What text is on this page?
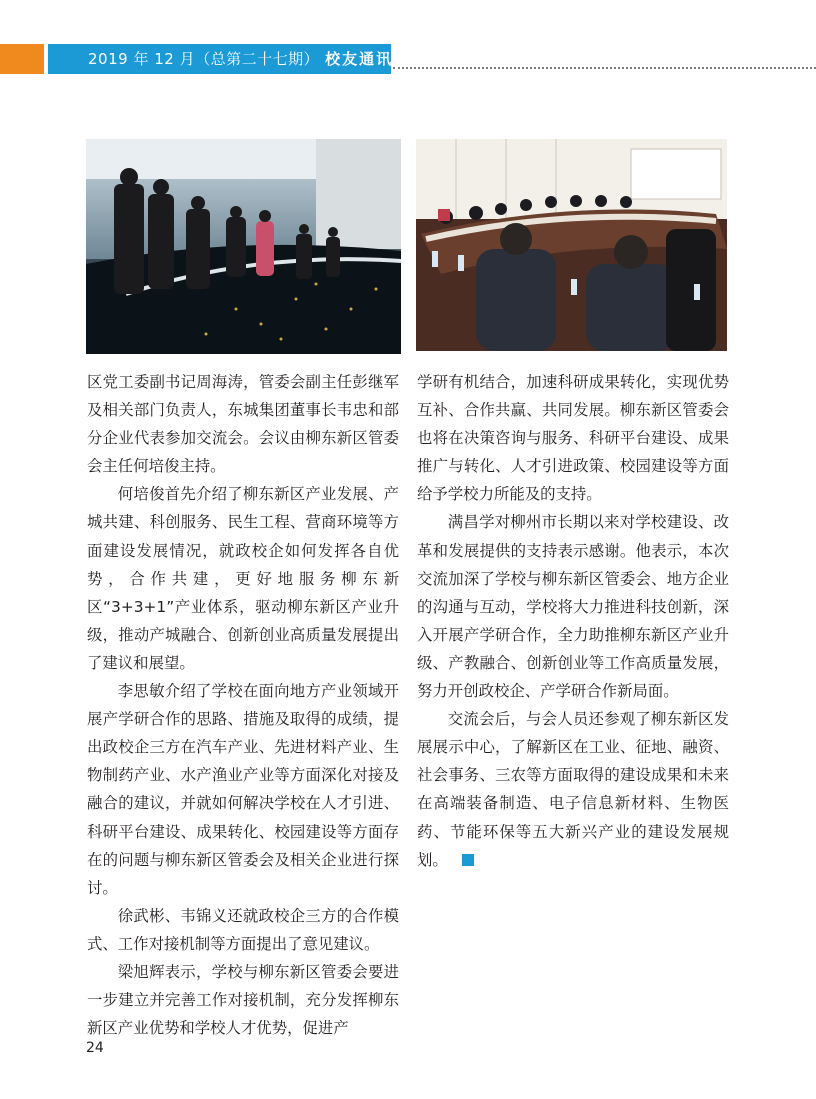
2019 年 12 月（总第二十七期） 校友通讯

区党工委副书记周海涛，管委会副主任彭继军及相关部门负责人，东城集团董事长韦忠和部分企业代表参加交流会。会议由柳东新区管委会主任何培俊主持。

何培俊首先介绍了柳东新区产业发展、产城共建、科创服务、民生工程、营商环境等方面建设发展情况，就政校企如何发挥各自优势，合作共建，更好地服务柳东新区“3+3+1”产业体系，驱动柳东新区产业升级，推动产城融合、创新创业高质量发展提出了建议和展望。

李思敏介绍了学校在面向地方产业领域开展产学研合作的思路、措施及取得的成绩，提出政校企三方在汽车产业、先进材料产业、生物制药产业、水产渔业产业等方面深化对接及融合的建议，并就如何解决学校在人才引进、科研平台建设、成果转化、校园建设等方面存在的问题与柳东新区管委会及相关企业进行探讨。

徐武彬、韦锦义还就政校企三方的合作模式、工作对接机制等方面提出了意见建议。

梁旭辉表示，学校与柳东新区管委会要进一步建立并完善工作对接机制，充分发挥柳东新区产业优势和学校人才优势，促进产

学研有机结合，加速科研成果转化，实现优势互补、合作共赢、共同发展。柳东新区管委会也将在决策咨询与服务、科研平台建设、成果推广与转化、人才引进政策、校园建设等方面给予学校力所能及的支持。

满昌学对柳州市长期以来对学校建设、改革和发展提供的支持表示感谢。他表示，本次交流加深了学校与柳东新区管委会、地方企业的沟通与互动，学校将大力推进科技创新，深入开展产学研合作，全力助推柳东新区产业升级、产教融合、创新创业等工作高质量发展，努力开创政校企、产学研合作新局面。

交流会后，与会人员还参观了柳东新区发展展示中心，了解新区在工业、征地、融资、社会事务、三农等方面取得的建设成果和未来在高端装备制造、电子信息新材料、生物医药、节能环保等五大新兴产业的建设发展规划。

24
